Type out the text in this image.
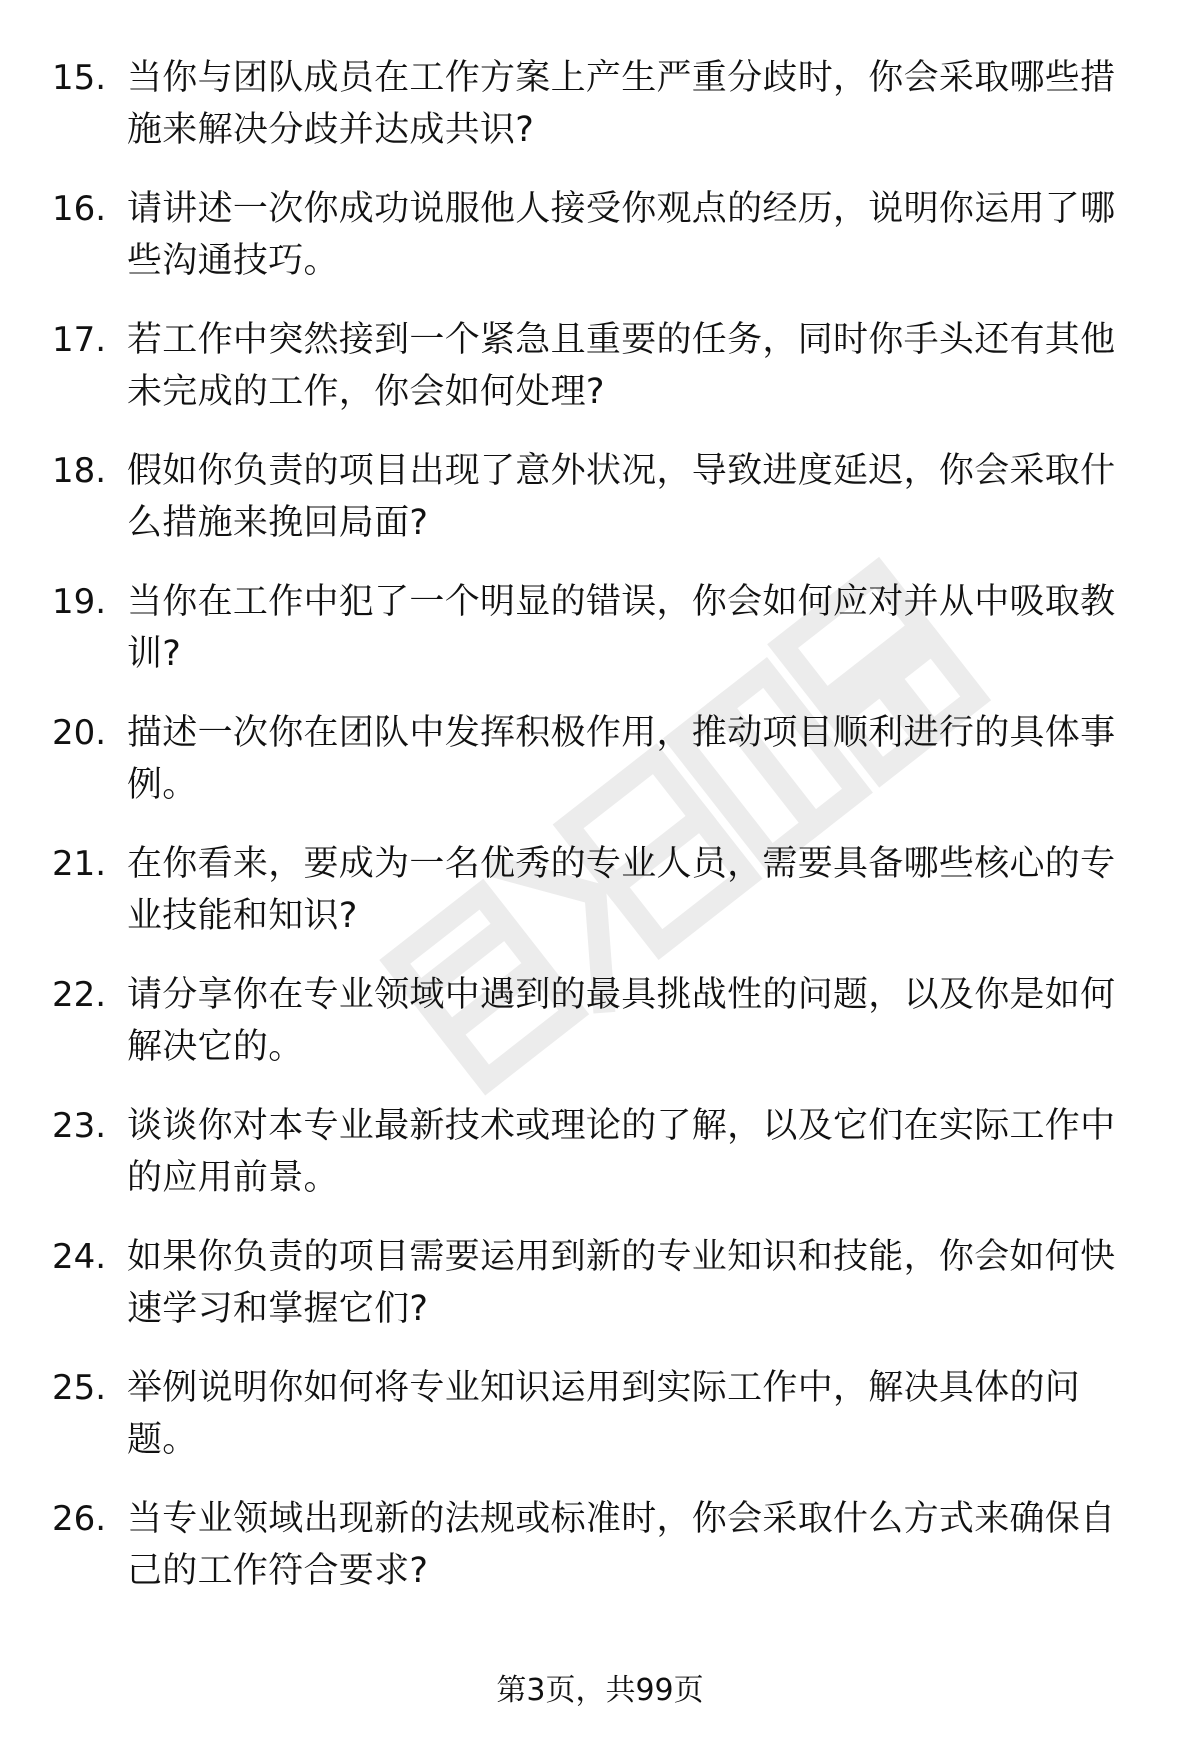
15. 当你与团队成员在工作方案上产生严重分歧时，你会采取哪些措施来解决分歧并达成共识?
16. 请讲述一次你成功说服他人接受你观点的经历，说明你运用了哪些沟通技巧。
17. 若工作中突然接到一个紧急且重要的任务，同时你手头还有其他未完成的工作，你会如何处理?
18. 假如你负责的项目出现了意外状况，导致进度延迟，你会采取什么措施来挽回局面?
19. 当你在工作中犯了一个明显的错误，你会如何应对并从中吸取教训?
20. 描述一次你在团队中发挥积极作用，推动项目顺利进行的具体事例。
21. 在你看来，要成为一名优秀的专业人员，需要具备哪些核心的专业技能和知识?
22. 请分享你在专业领域中遇到的最具挑战性的问题，以及你是如何解决它的。
23. 谈谈你对本专业最新技术或理论的了解，以及它们在实际工作中的应用前景。
24. 如果你负责的项目需要运用到新的专业知识和技能，你会如何快速学习和掌握它们?
25. 举例说明你如何将专业知识运用到实际工作中，解决具体的问题。
26. 当专业领域出现新的法规或标准时，你会采取什么方式来确保自己的工作符合要求?
第3页，共99页
